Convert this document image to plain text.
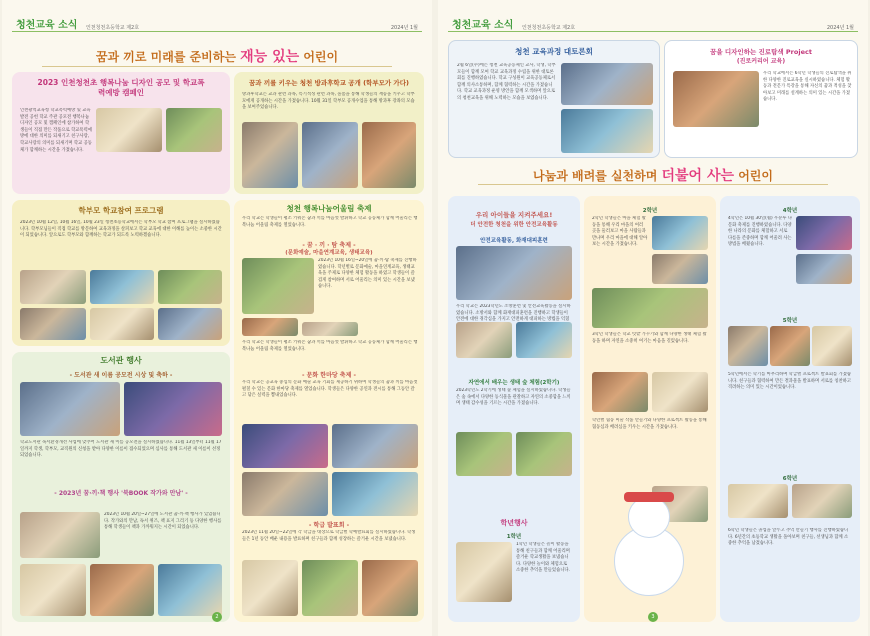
청천교육 소식 인천청천초등학교 제2호	2024년 1월
꿈과 끼로 미래를 준비하는 재능 있는 어린이
2023 인천청천초 행복나눔 디자인 공모 및 학교폭력예방 캠페인
인천광역교육청 학교폭력예방 및 교육 발전 공헌 학교 주관 공모전 행복나눔 디자인 공모 및 캠페인에 참가하여 학생들이 직접 만든 작품으로 학교폭력예방에 대한 의미를 되새기고 친구사랑, 학교사랑의 의미를 되새기며 학교 공동체가 함께하는 시간을 가졌습니다.
꿈과 끼를 키우는 청천 방과후학교 공개 (학부모가 가다)
방과후학교는 교과 관련 과목, 특기적성 관련 과목, 돌봄을 통해 학생들의 재능을 키우고 학부모에게 공개하는 시간을 가졌습니다. 10월 31일 학부모 공개수업을 통해 방과후 강좌의 모습을 보여주었습니다.
학부모 학교참여 프로그램
2023년 10월 12일, 10월 16일, 10월 23일 청천초등학교에서는 학부모 학교 참여 프로그램을 실시하였습니다. 학부모님들이 직접 학교를 방문하여 교육과정을 살펴보고 학교 교육에 대한 이해를 높이는 소중한 시간이 되었습니다. 앞으로도 학부모와 함께하는 학교가 되도록 노력하겠습니다.
도서관 행사
- 도서관 새 이름 공모전 시상 및 축하 -
학교도서관 독서환경개선 사업에 맞추어 도서관 새 이름 공모전을 실시하였습니다. 11월 13일부터 11월 17일까지 학생, 학부모, 교직원의 신청을 받아 다양한 이름이 접수되었으며 심사를 통해 도서관 새 이름이 선정되었습니다.
- 2023년 꿈·끼·책 행사 '북BOOK 작가와 만남' -
2023년 10월 20일~27일에 도서관 꿈·끼·책 행사가 있었습니다. 작가와의 만남, 독서 퀴즈, 책 표지 그리기 등 다양한 행사를 통해 학생들이 책과 가까워지는 시간이 되었습니다.
청천 행복나눔어울림 축제
우리 학교는 학생들이 평소 키워온 꿈과 끼를 마음껏 발휘하고 학교 공동체가 함께 어울리는 행복나눔 어울림 축제를 열었습니다.
- 꿈 · 끼 · 탐 축제 -
(문화예술, 마을연계교육, 생태교육)
2023년 10월 16일~20일에 꿈·끼·탐 축제를 진행하였습니다. 학년별로 문화예술, 마을연계교육, 생태교육을 주제로 다양한 체험 활동을 하였고 학생들이 즐겁게 참여하며 서로 어울리는 의미 있는 시간을 보냈습니다.
우리 학교는 학생들이 평소 키워온 꿈과 끼를 마음껏 발휘하고 학교 공동체가 함께 어울리는 행복나눔 어울림 축제를 열었습니다.
- 문화 한마당 축제 -
우리 학교는 공교육 중심의 문화 예술 교육 기회를 제공하기 위하여 학생들의 꿈과 끼를 마음껏 펼칠 수 있는 문화 한마당 축제를 열었습니다. 학생들은 다양한 공연과 전시를 통해 그동안 갈고 닦은 실력을 뽐내었습니다.
- 학급 발표회 -
2023년 11월 20일~22일에 각 학급을 대상으로 학급별 학예발표회를 실시하였습니다. 학생들은 1년 동안 배운 내용을 발표하며 친구들과 함께 성장하는 즐거운 시간을 보냈습니다.
2
청천교육 소식 인천청천초등학교 제2호	2024년 1월
청천 교육과정 대토론회
2월 6일(수)에는 청천 교육공동체인 교사, 학생, 학부모들이 함께 모여 학교 교육과정 수립을 위한 대토론회를 진행하였습니다. 학교 구성원이 교육공동체로서 함께 의사소통하며, 함께 협력하는 시간을 가졌습니다. 학교 교육과정 운영 방안을 함께 모색하며 앞으로의 청천교육을 위해 노력하는 모습을 보였습니다.
꿈을 디자인하는 진로탐색 Project
(진로커리어 교육)
우리 학교에서는 6학년 학생들의 진로탐색을 위한 다양한 진로교육을 실시하였습니다. 체험 활동과 전문가 특강을 통해 자신의 꿈과 적성을 찾아보고 미래를 설계하는 의미 있는 시간을 가졌습니다.
나눔과 배려를 실천하며 더불어 사는 어린이
우리 아이들을 지켜주세요!
더 안전한 청천을 위한 안전교육활동
안전교육활동, 화재대피훈련
우리 학교는 2023학년도 소방훈련 및 안전교육활동을 실시하였습니다. 소방서와 함께 화재대피훈련을 진행하고 학생들이 안전에 대한 경각심을 가지고 안전하게 대피하는 방법을 익혔
자연에서 배우는 생태 숲 체험(2학기)
2023학년도 2학기에 생태 숲 체험을 실시하였습니다. 학생들은 숲 속에서 다양한 동식물을 관찰하고 자연의 소중함을 느끼며 생태 감수성을 기르는 시간을 가졌습니다.
학년행사
1학년
1학년 학생들은 놀이 활동을 통해 친구들과 함께 어울리며 즐거운 학교생활을 보냈습니다. 다양한 놀이와 체험으로 소중한 추억을 만들었습니다.
2학년
2학년 학생들은 마을 체험 활동을 통해 우리 마을의 여러 곳을 둘러보고 마을 사람들과 만나며 우리 마을에 대해 알아보는 시간을 가졌습니다.
3학년 학생들은 학교 텃밭 가꾸기와 함께 다양한 생태 체험 활동을 하며 자연을 소중히 여기는 마음을 길렀습니다.
학년별 협동 미술 작품 만들기와 다양한 프로젝트 활동을 통해 협동심과 배려심을 키우는 시간을 가졌습니다.
4학년
4학년은 10월 30일(월) 우분투 다문화 축제를 진행하였습니다. 다양한 나라의 문화를 체험하고 서로 다름을 존중하며 함께 어울려 사는 방법을 배웠습니다.
5학년
5학년에서는 학기를 마무리하며 학급별 프로젝트 발표회를 가졌습니다. 친구들과 협력하여 만든 결과물을 발표하며 서로를 칭찬하고 격려하는 의미 있는 시간이었습니다.
6학년
6학년 학생들은 졸업을 앞두고 추억 만들기 행사를 진행하였습니다. 6년간의 초등학교 생활을 돌아보며 친구들, 선생님과 함께 소중한 추억을 남겼습니다.
3
